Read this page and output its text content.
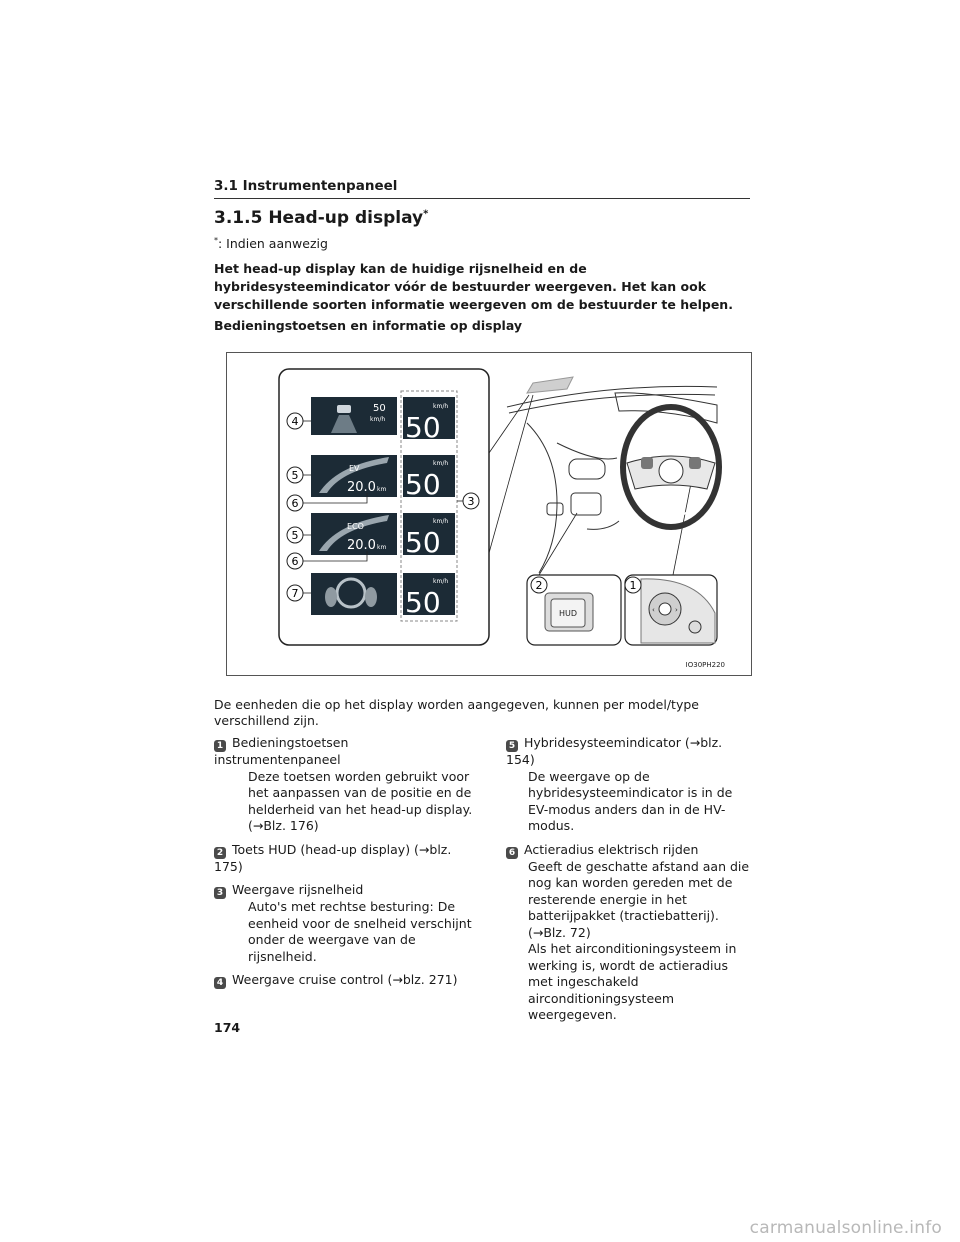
3.1 Instrumentenpaneel
3.1.5 Head-up display*
*: Indien aanwezig
Het head-up display kan de huidige rijsnelheid en de hybridesysteemindicator vóór de bestuurder weergeven. Het kan ook verschillende soorten informatie weergeven om de bestuurder te helpen.
Bedieningstoetsen en informatie op display
50
km/h
km/h
50
EV
20.0 km
km/h
50
ECO
20.0 km
km/h
50
km/h
50
4
5
6
5
6
7
3
HUD
2
‹	›
1
IO30PH220
De eenheden die op het display worden aangegeven, kunnen per model/type verschillend zijn.
1 Bedieningstoetsen instrumentenpaneel
Deze toetsen worden gebruikt voor het aanpassen van de positie en de helderheid van het head-up display. (→Blz. 176)
2 Toets HUD (head-up display) (→blz. 175)
3 Weergave rijsnelheid
Auto's met rechtse besturing: De eenheid voor de snelheid verschijnt onder de weergave van de rijsnelheid.
4 Weergave cruise control (→blz. 271)
5 Hybridesysteemindicator (→blz. 154)
De weergave op de hybridesysteemindicator is in de EV-modus anders dan in de HV-modus.
6 Actieradius elektrisch rijden
Geeft de geschatte afstand aan die nog kan worden gereden met de resterende energie in het batterijpakket (tractiebatterij). (→Blz. 72)
Als het airconditioningsysteem in werking is, wordt de actieradius met ingeschakeld airconditioningsysteem weergegeven.
174
carmanualsonline.info
